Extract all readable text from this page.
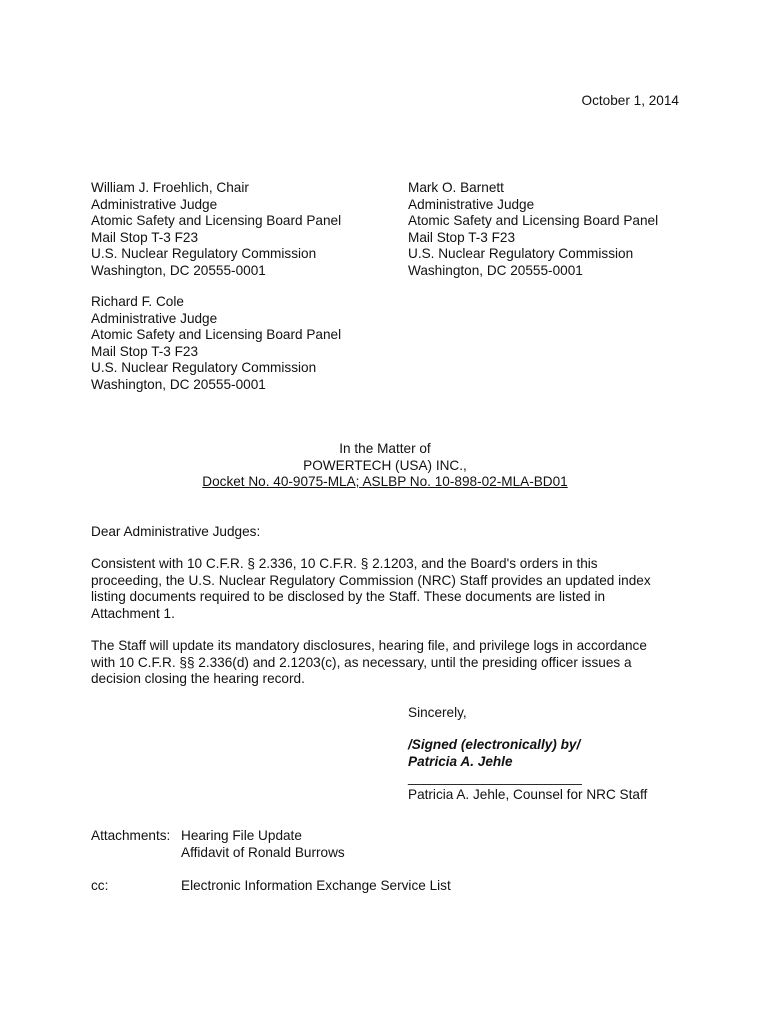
October 1, 2014
William J. Froehlich, Chair
Administrative Judge
Atomic Safety and Licensing Board Panel
Mail Stop T-3 F23
U.S. Nuclear Regulatory Commission
Washington, DC 20555-0001
Mark O. Barnett
Administrative Judge
Atomic Safety and Licensing Board Panel
Mail Stop T-3 F23
U.S. Nuclear Regulatory Commission
Washington, DC 20555-0001
Richard F. Cole
Administrative Judge
Atomic Safety and Licensing Board Panel
Mail Stop T-3 F23
U.S. Nuclear Regulatory Commission
Washington, DC 20555-0001
In the Matter of
POWERTECH (USA) INC.,
Docket No. 40-9075-MLA; ASLBP No. 10-898-02-MLA-BD01
Dear Administrative Judges:
Consistent with 10 C.F.R. § 2.336, 10 C.F.R. § 2.1203, and the Board's orders in this
proceeding, the U.S. Nuclear Regulatory Commission (NRC) Staff provides an updated index
listing documents required to be disclosed by the Staff. These documents are listed in
Attachment 1.
The Staff will update its mandatory disclosures, hearing file, and privilege logs in accordance
with 10 C.F.R. §§ 2.336(d) and 2.1203(c), as necessary, until the presiding officer issues a
decision closing the hearing record.
Sincerely,
/Signed (electronically) by/
Patricia A. Jehle
_______________________
Patricia A. Jehle, Counsel for NRC Staff
Attachments: Hearing File Update
Affidavit of Ronald Burrows
cc:	Electronic Information Exchange Service List
